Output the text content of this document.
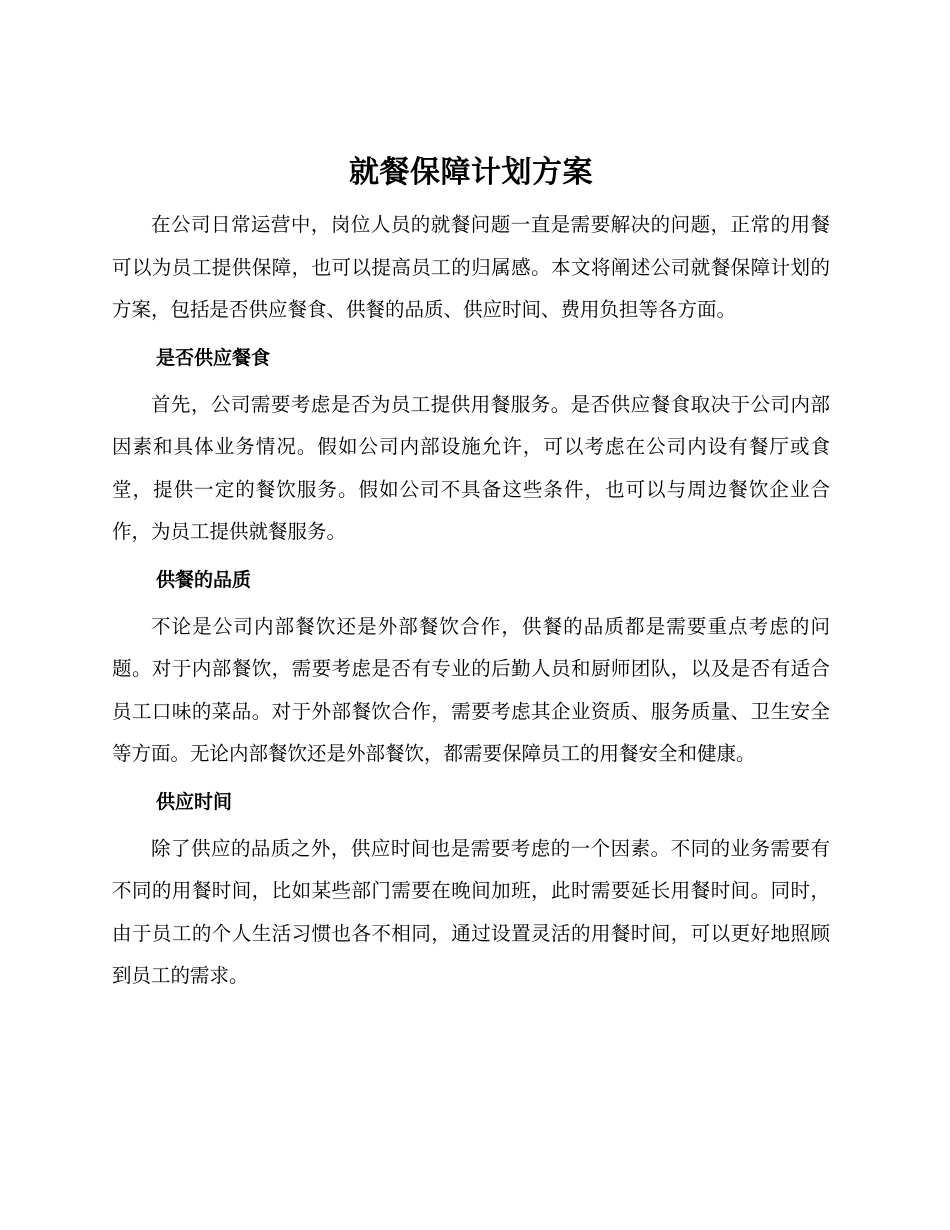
就餐保障计划方案

在公司日常运营中，岗位人员的就餐问题一直是需要解决的问题，正常的用餐可以为员工提供保障，也可以提高员工的归属感。本文将阐述公司就餐保障计划的方案，包括是否供应餐食、供餐的品质、供应时间、费用负担等各方面。

是否供应餐食

首先，公司需要考虑是否为员工提供用餐服务。是否供应餐食取决于公司内部因素和具体业务情况。假如公司内部设施允许，可以考虑在公司内设有餐厅或食堂，提供一定的餐饮服务。假如公司不具备这些条件，也可以与周边餐饮企业合作，为员工提供就餐服务。

供餐的品质

不论是公司内部餐饮还是外部餐饮合作，供餐的品质都是需要重点考虑的问题。对于内部餐饮，需要考虑是否有专业的后勤人员和厨师团队，以及是否有适合员工口味的菜品。对于外部餐饮合作，需要考虑其企业资质、服务质量、卫生安全等方面。无论内部餐饮还是外部餐饮，都需要保障员工的用餐安全和健康。

供应时间

除了供应的品质之外，供应时间也是需要考虑的一个因素。不同的业务需要有不同的用餐时间，比如某些部门需要在晚间加班，此时需要延长用餐时间。同时，由于员工的个人生活习惯也各不相同，通过设置灵活的用餐时间，可以更好地照顾到员工的需求。
